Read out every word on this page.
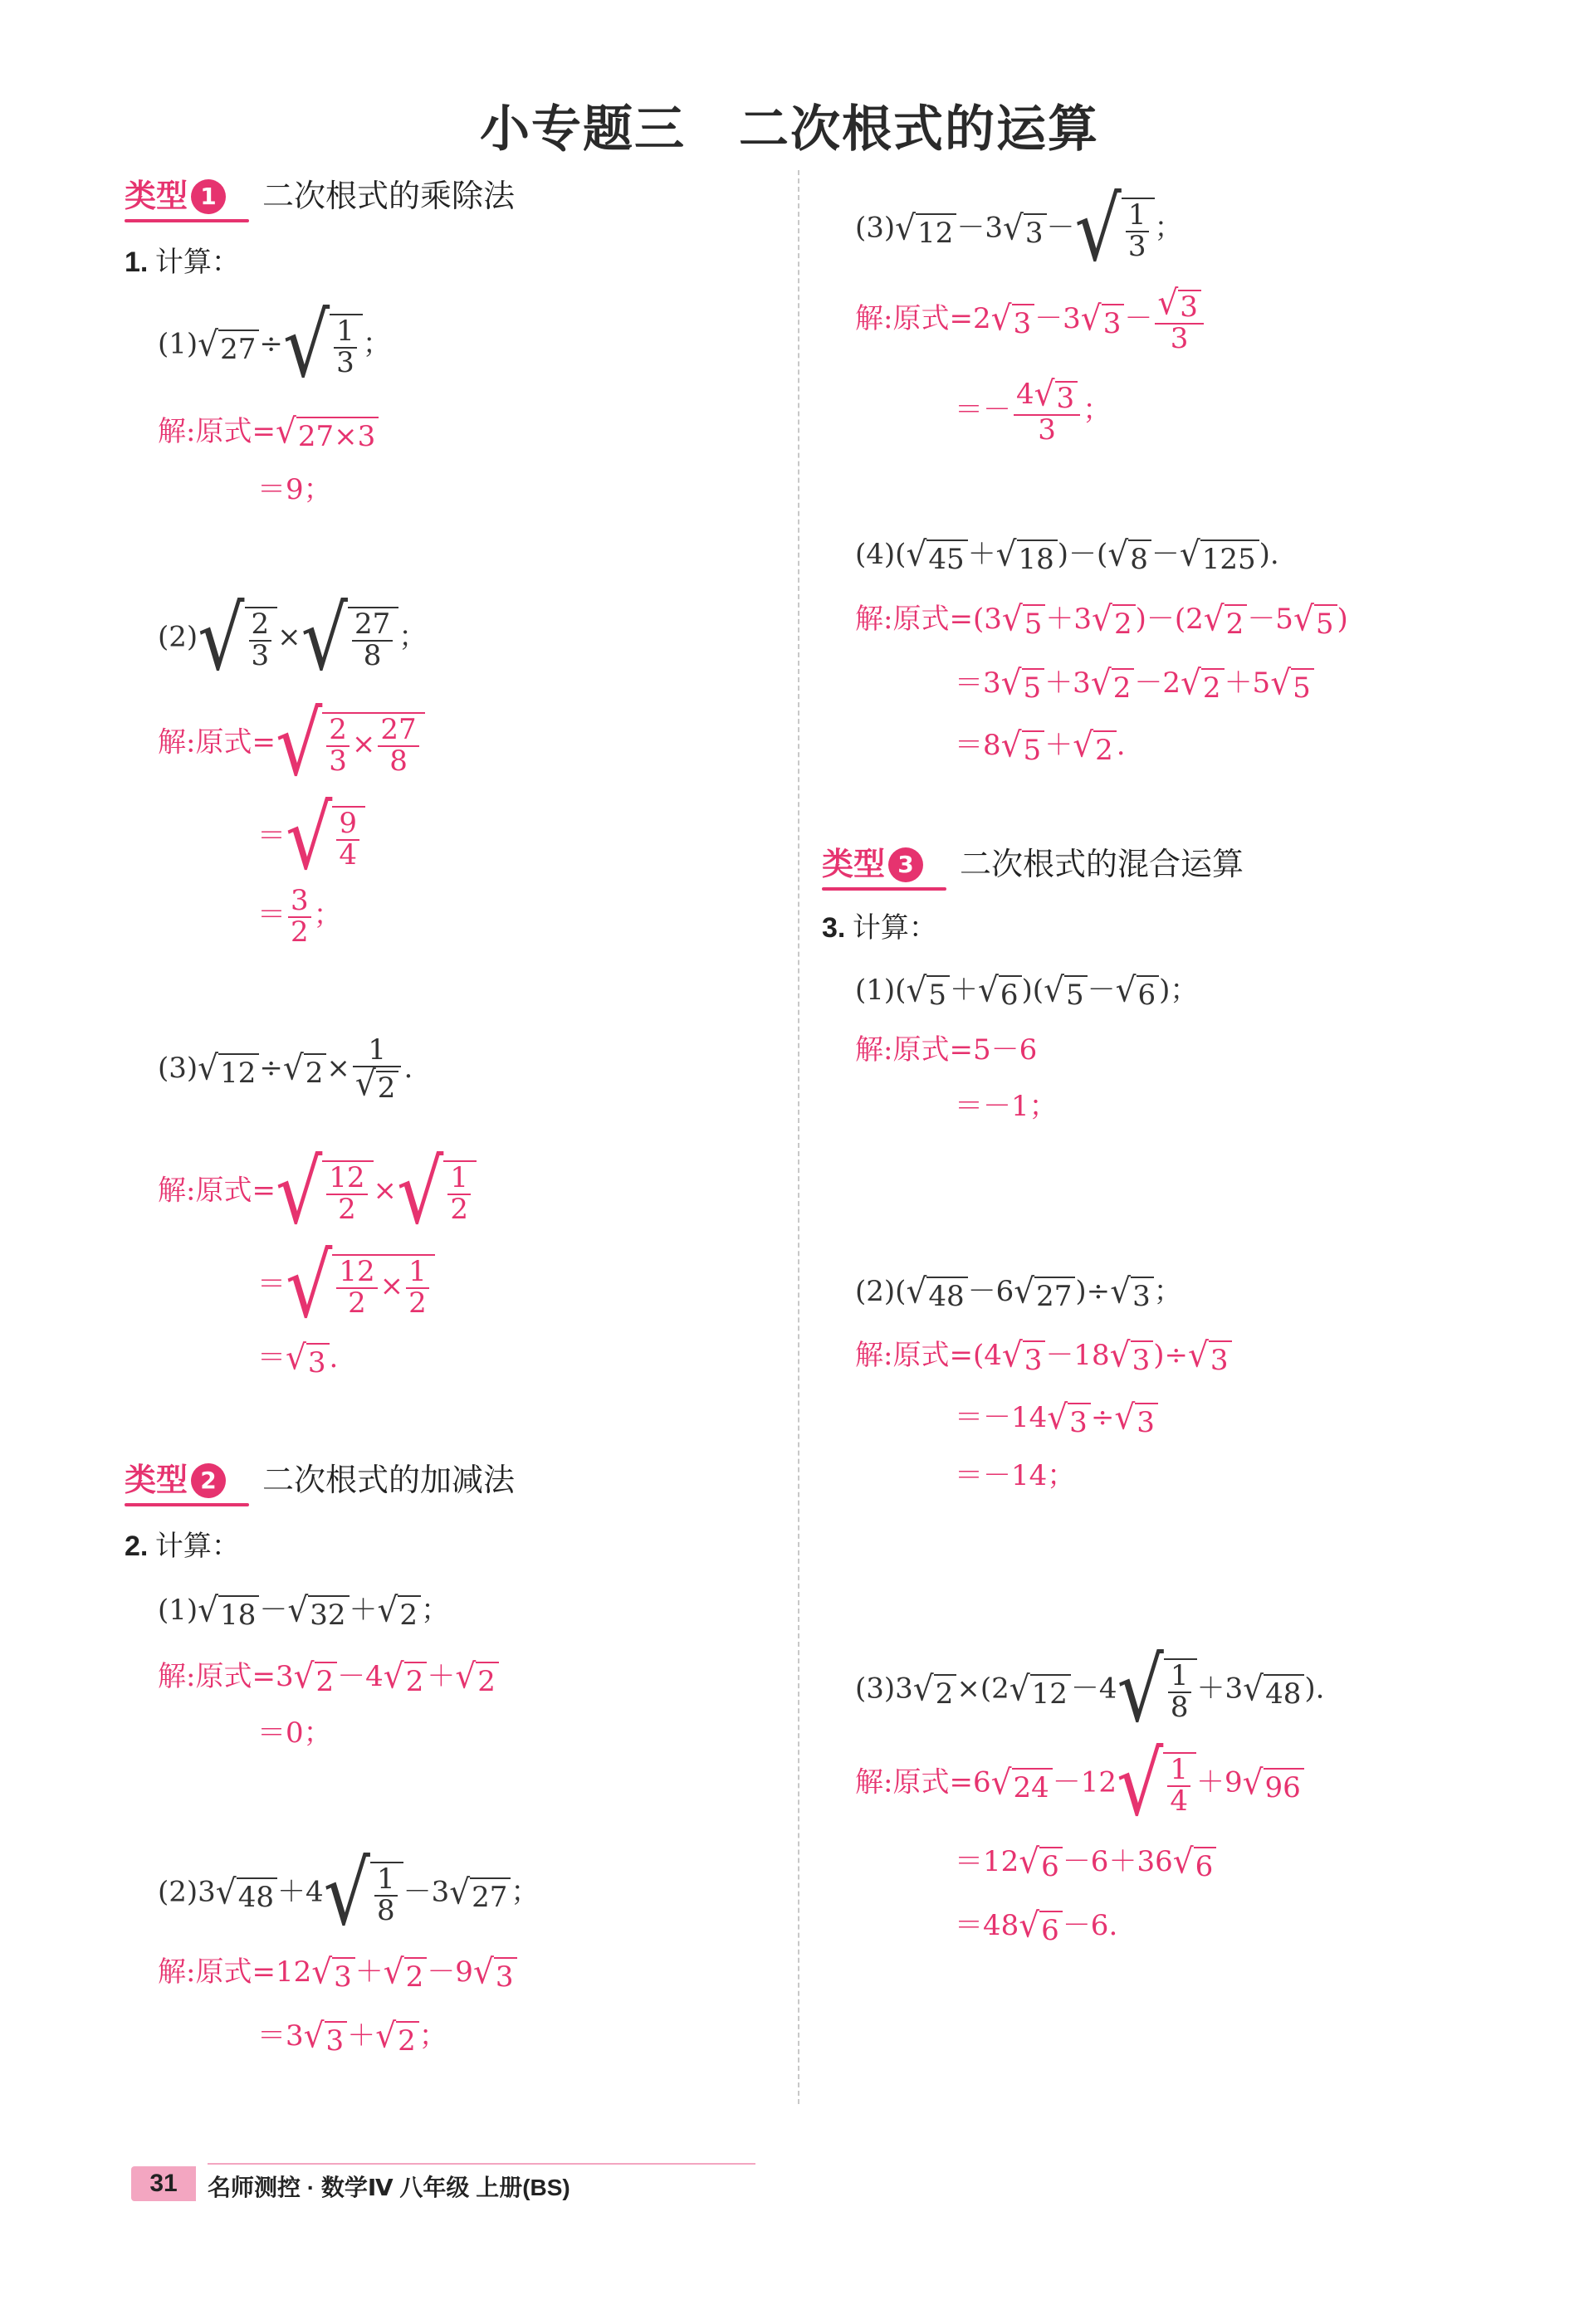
小专题三 二次根式的运算
类型 1 二次根式的乘除法
1. 计算：
(1)√27 ÷√ $\frac{1}{3}$ ；
解:原式=√27×3
＝9；
$(2)√ \frac{2}{3}$ ×√ $\frac{27}{8}$ ；
解:原式=√ $\frac{2}{3} \times \frac{27}{8}$
＝√ $\frac{9}{4}$
＝ $\frac{3}{2}$ ；
$(3)√12 \div√2 \times \frac{1}{√2}$ .
解:原式=√ $\frac{12}{2}$ ×√ $\frac{1}{2}$
＝√ $\frac{12}{2} \times \frac{1}{2}$
＝√3 .
类型 2 二次根式的加减法
2. 计算：
(1)√18 －√32 ＋√2 ；
解:原式=3√2 －4√2 ＋√2
＝0；
$(2)3√48 +4√ \frac{1}{8} -3√27$ ；
解:原式=12√3 ＋√2 －9√3
＝3√3 ＋√2 ；
(3)√12 －3√3 －√ $\frac{1}{3}$ ；
解:原式$=2√3 -3√3 - \frac{√3}{3}$
＝－ $\frac{4√3}{3}$ ；
(4)(√45 ＋√18 )－(√8 －√125 ).
解:原式=(3√5 ＋3√2 )－(2√2 －5√5 )
＝3√5 ＋3√2 －2√2 ＋5√5
＝8√5 ＋√2 .
类型 3 二次根式的混合运算
3. 计算：
(1)(√5 ＋√6 )(√5 －√6 )；
解:原式=5－6
＝－1；
(2)(√48 －6√27 )÷√3 ；
解:原式=(4√3 －18√3 )÷√3
＝－14√3 ÷√3
＝－14；
$(3)3√2 \times(2√12 -4√ \frac{1}{8} +3√48$ ).
解:原式$=6√24 -12√ \frac{1}{4} +9√96$
＝12√6 －6＋36√6
＝48√6 －6.
31	名师测控 · 数学Ⅳ 八年级 上册(BS)
